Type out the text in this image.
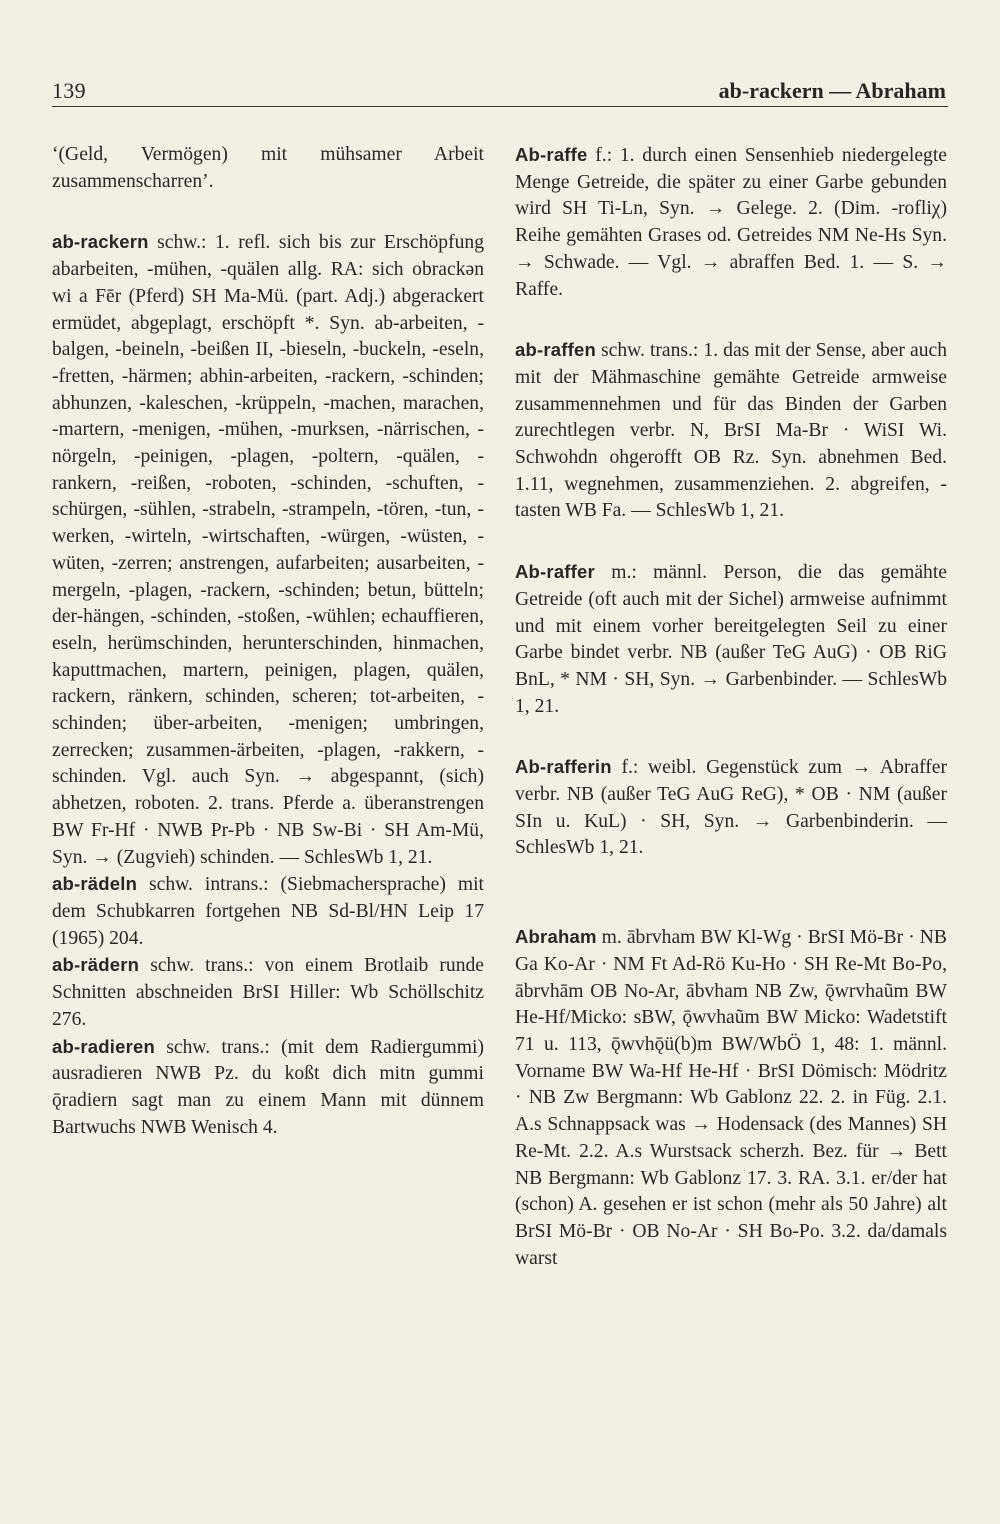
139	ab-rackern — Abraham

‘(Geld, Vermögen) mit mühsamer Arbeit zusammenscharren’.

ab-rackern schw.: 1. refl. sich bis zur Erschöpfung abarbeiten, -mühen, -quälen allg. RA: sich obrackən wi a Fēr (Pferd) SH Ma-Mü. (part. Adj.) abgerackert ermüdet, abgeplagt, erschöpft *. Syn. ab-arbeiten, -balgen, -beineln, -beißen II, -bieseln, -buckeln, -eseln, -fretten, -härmen; abhin-arbeiten, -rackern, -schinden; abhunzen, -kaleschen, -krüppeln, -machen, marachen, -martern, -menigen, -mühen, -murksen, -närrischen, -nörgeln, -peinigen, -plagen, -poltern, -quälen, -rankern, -reißen, -roboten, -schinden, -schuften, -schürgen, -sühlen, -strabeln, -strampeln, -tören, -tun, -werken, -wirteln, -wirtschaften, -würgen, -wüsten, -wüten, -zerren; anstrengen, aufarbeiten; ausarbeiten, -mergeln, -plagen, -rackern, -schinden; betun, bütteln; der-hängen, -schinden, -stoßen, -wühlen; echauffieren, eseln, herümschinden, herunterschinden, hinmachen, kaputtmachen, martern, peinigen, plagen, quälen, rackern, ränkern, schinden, scheren; tot-arbeiten, -schinden; über-arbeiten, -menigen; umbringen, zerrecken; zusammen-ärbeiten, -plagen, -rakkern, -schinden. Vgl. auch Syn. → abgespannt, (sich) abhetzen, roboten. 2. trans. Pferde a. überanstrengen BW Fr-Hf · NWB Pr-Pb · NB Sw-Bi · SH Am-Mü, Syn. → (Zugvieh) schinden. — SchlesWb 1, 21.

ab-rädeln schw. intrans.: (Siebmachersprache) mit dem Schubkarren fortgehen NB Sd-Bl/HN Leip 17 (1965) 204.

ab-rädern schw. trans.: von einem Brotlaib runde Schnitten abschneiden BrSI Hiller: Wb Schöllschitz 276.

ab-radieren schw. trans.: (mit dem Radiergummi) ausradieren NWB Pz. du koßt dich mitn gummi ǭradiern sagt man zu einem Mann mit dünnem Bartwuchs NWB Wenisch 4.

Ab-raffe f.: 1. durch einen Sensenhieb niedergelegte Menge Getreide, die später zu einer Garbe gebunden wird SH Ti-Ln, Syn. → Gelege. 2. (Dim. -rofliχ) Reihe gemähten Grases od. Getreides NM Ne-Hs Syn. → Schwade. — Vgl. → abraffen Bed. 1. — S. → Raffe.

ab-raffen schw. trans.: 1. das mit der Sense, aber auch mit der Mähmaschine gemähte Getreide armweise zusammennehmen und für das Binden der Garben zurechtlegen verbr. N, BrSI Ma-Br · WiSI Wi. Schwohdn ohgerofft OB Rz. Syn. abnehmen Bed. 1.11, wegnehmen, zusammenziehen. 2. abgreifen, -tasten WB Fa. — SchlesWb 1, 21.

Ab-raffer m.: männl. Person, die das gemähte Getreide (oft auch mit der Sichel) armweise aufnimmt und mit einem vorher bereitgelegten Seil zu einer Garbe bindet verbr. NB (außer TeG AuG) · OB RiG BnL, * NM · SH, Syn. → Garbenbinder. — SchlesWb 1, 21.

Ab-rafferin f.: weibl. Gegenstück zum → Abraffer verbr. NB (außer TeG AuG ReG), * OB · NM (außer SIn u. KuL) · SH, Syn. → Garbenbinderin. — SchlesWb 1, 21.

Abraham m. ābrvham BW Kl-Wg · BrSI Mö-Br · NB Ga Ko-Ar · NM Ft Ad-Rö Ku-Ho · SH Re-Mt Bo-Po, ābrvhām OB No-Ar, ābvham NB Zw, ǭwrvhaũm BW He-Hf/Micko: sBW, ǭwvhaũm BW Micko: Wadetstift 71 u. 113, ǭwvhǭü(b)m BW/WbÖ 1, 48: 1. männl. Vorname BW Wa-Hf He-Hf · BrSI Dömisch: Mödritz · NB Zw Bergmann: Wb Gablonz 22. 2. in Füg. 2.1. A.s Schnappsack was → Hodensack (des Mannes) SH Re-Mt. 2.2. A.s Wurstsack scherzh. Bez. für → Bett NB Bergmann: Wb Gablonz 17. 3. RA. 3.1. er/der hat (schon) A. gesehen er ist schon (mehr als 50 Jahre) alt BrSI Mö-Br · OB No-Ar · SH Bo-Po. 3.2. da/damals warst
